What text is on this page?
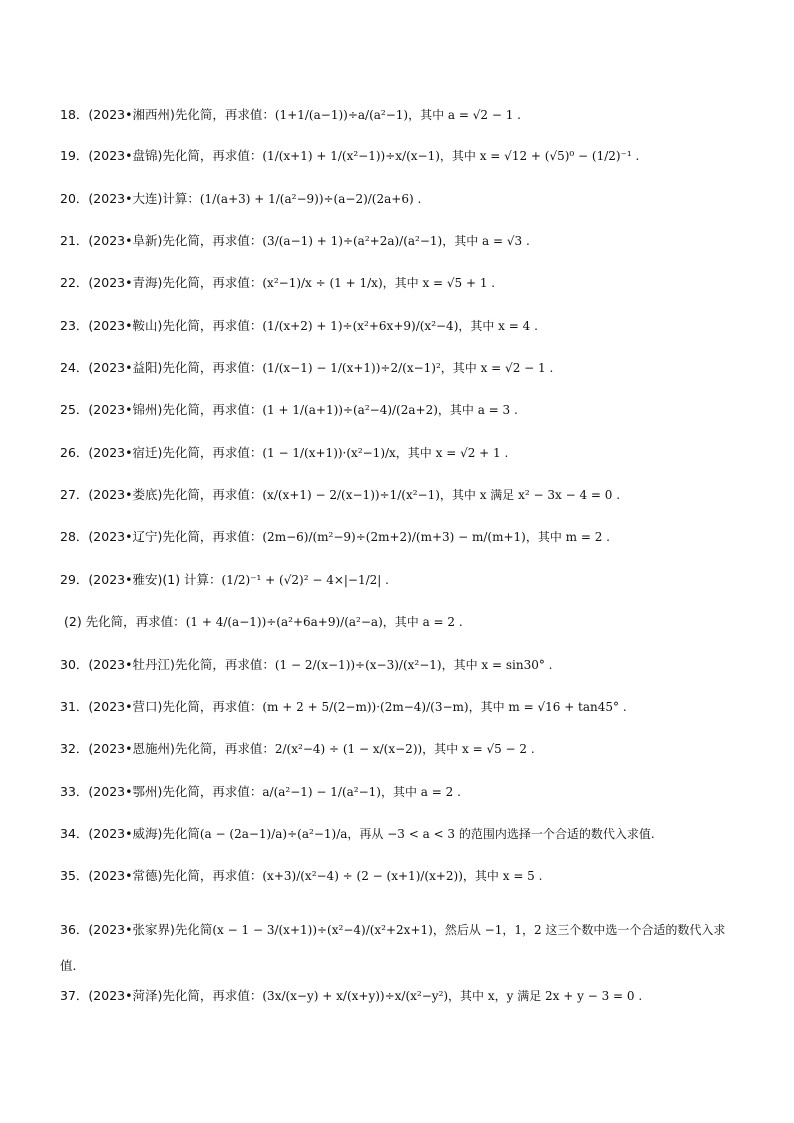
18．(2023•湘西州)先化简，再求值：(1+1/(a−1))÷a/(a²−1)，其中 a = √2 − 1 .
19．(2023•盘锦)先化简，再求值：(1/(x+1) + 1/(x²−1))÷x/(x−1)，其中 x = √12 + (√5)⁰ − (1/2)⁻¹ .
20．(2023•大连)计算：(1/(a+3) + 1/(a²−9))÷(a−2)/(2a+6) .
21．(2023•阜新)先化简，再求值：(3/(a−1) + 1)÷(a²+2a)/(a²−1)，其中 a = √3 .
22．(2023•青海)先化简，再求值：(x²−1)/x ÷ (1 + 1/x)，其中 x = √5 + 1 .
23．(2023•鞍山)先化简，再求值：(1/(x+2) + 1)÷(x²+6x+9)/(x²−4)，其中 x = 4 .
24．(2023•益阳)先化简，再求值：(1/(x−1) − 1/(x+1))÷2/(x−1)²，其中 x = √2 − 1 .
25．(2023•锦州)先化简，再求值：(1 + 1/(a+1))÷(a²−4)/(2a+2)，其中 a = 3 .
26．(2023•宿迁)先化简，再求值：(1 − 1/(x+1))·(x²−1)/x，其中 x = √2 + 1 .
27．(2023•娄底)先化简，再求值：(x/(x+1) − 2/(x−1))÷1/(x²−1)，其中 x 满足 x² − 3x − 4 = 0 .
28．(2023•辽宁)先化简，再求值：(2m−6)/(m²−9)÷(2m+2)/(m+3) − m/(m+1)，其中 m = 2 .
29．(2023•雅安)(1) 计算：(1/2)⁻¹ + (√2)² − 4×|−1/2| .
(2) 先化简，再求值：(1 + 4/(a−1))÷(a²+6a+9)/(a²−a)，其中 a = 2 .
30．(2023•牡丹江)先化简，再求值：(1 − 2/(x−1))÷(x−3)/(x²−1)，其中 x = sin30° .
31．(2023•营口)先化简，再求值：(m + 2 + 5/(2−m))·(2m−4)/(3−m)，其中 m = √16 + tan45° .
32．(2023•恩施州)先化简，再求值：2/(x²−4) ÷ (1 − x/(x−2))，其中 x = √5 − 2 .
33．(2023•鄂州)先化简，再求值：a/(a²−1) − 1/(a²−1)，其中 a = 2 .
34．(2023•威海)先化简(a − (2a−1)/a)÷(a²−1)/a，再从 −3 < a < 3 的范围内选择一个合适的数代入求值.
35．(2023•常德)先化简，再求值：(x+3)/(x²−4) ÷ (2 − (x+1)/(x+2))，其中 x = 5 .
36．(2023•张家界)先化简(x − 1 − 3/(x+1))÷(x²−4)/(x²+2x+1)，然后从 −1，1，2 这三个数中选一个合适的数代入求
值.
37．(2023•菏泽)先化简，再求值：(3x/(x−y) + x/(x+y))÷x/(x²−y²)，其中 x，y 满足 2x + y − 3 = 0 .
